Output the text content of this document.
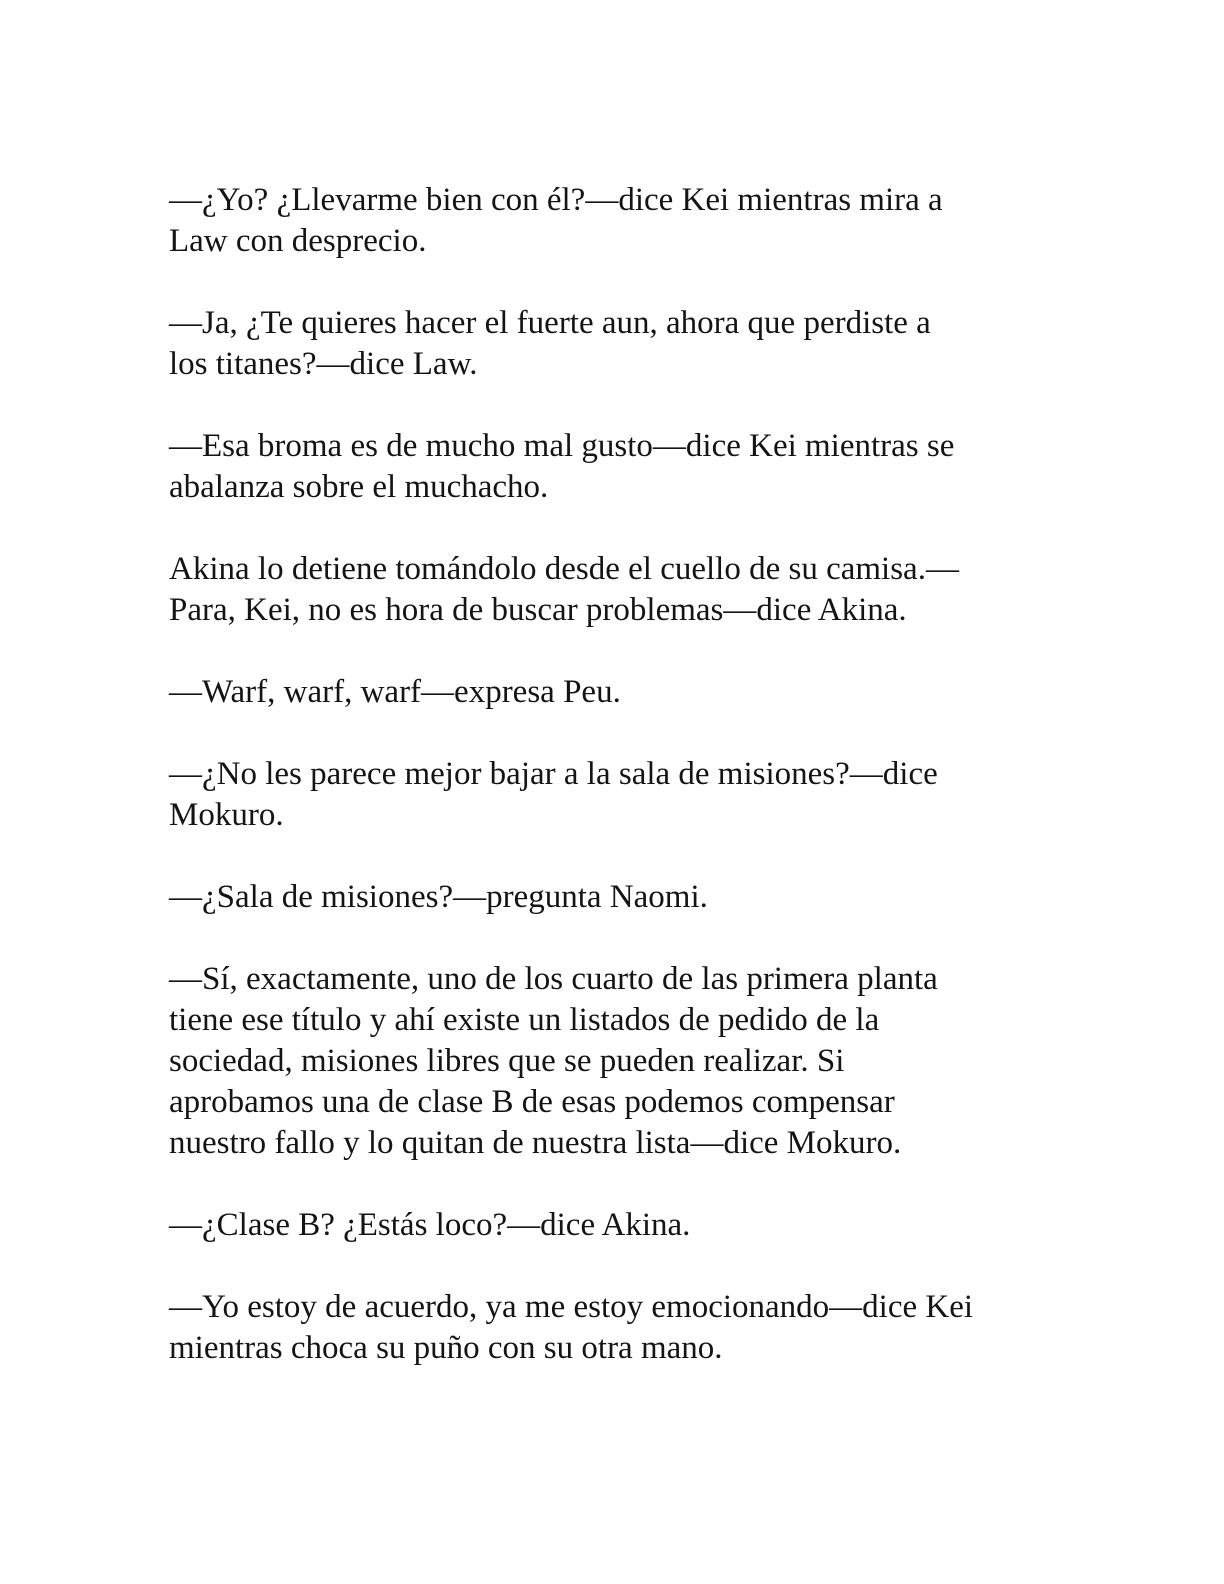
—¿Yo? ¿Llevarme bien con él?—dice Kei mientras mira a
Law con desprecio.

—Ja, ¿Te quieres hacer el fuerte aun, ahora que perdiste a
los titanes?—dice Law.

—Esa broma es de mucho mal gusto—dice Kei mientras se
abalanza sobre el muchacho.

Akina lo detiene tomándolo desde el cuello de su camisa.—
Para, Kei, no es hora de buscar problemas—dice Akina.

—Warf, warf, warf—expresa Peu.

—¿No les parece mejor bajar a la sala de misiones?—dice
Mokuro.

—¿Sala de misiones?—pregunta Naomi.

—Sí, exactamente, uno de los cuarto de las primera planta
tiene ese título y ahí existe un listados de pedido de la
sociedad, misiones libres que se pueden realizar. Si
aprobamos una de clase B de esas podemos compensar
nuestro fallo y lo quitan de nuestra lista—dice Mokuro.

—¿Clase B? ¿Estás loco?—dice Akina.

—Yo estoy de acuerdo, ya me estoy emocionando—dice Kei
mientras choca su puño con su otra mano.
